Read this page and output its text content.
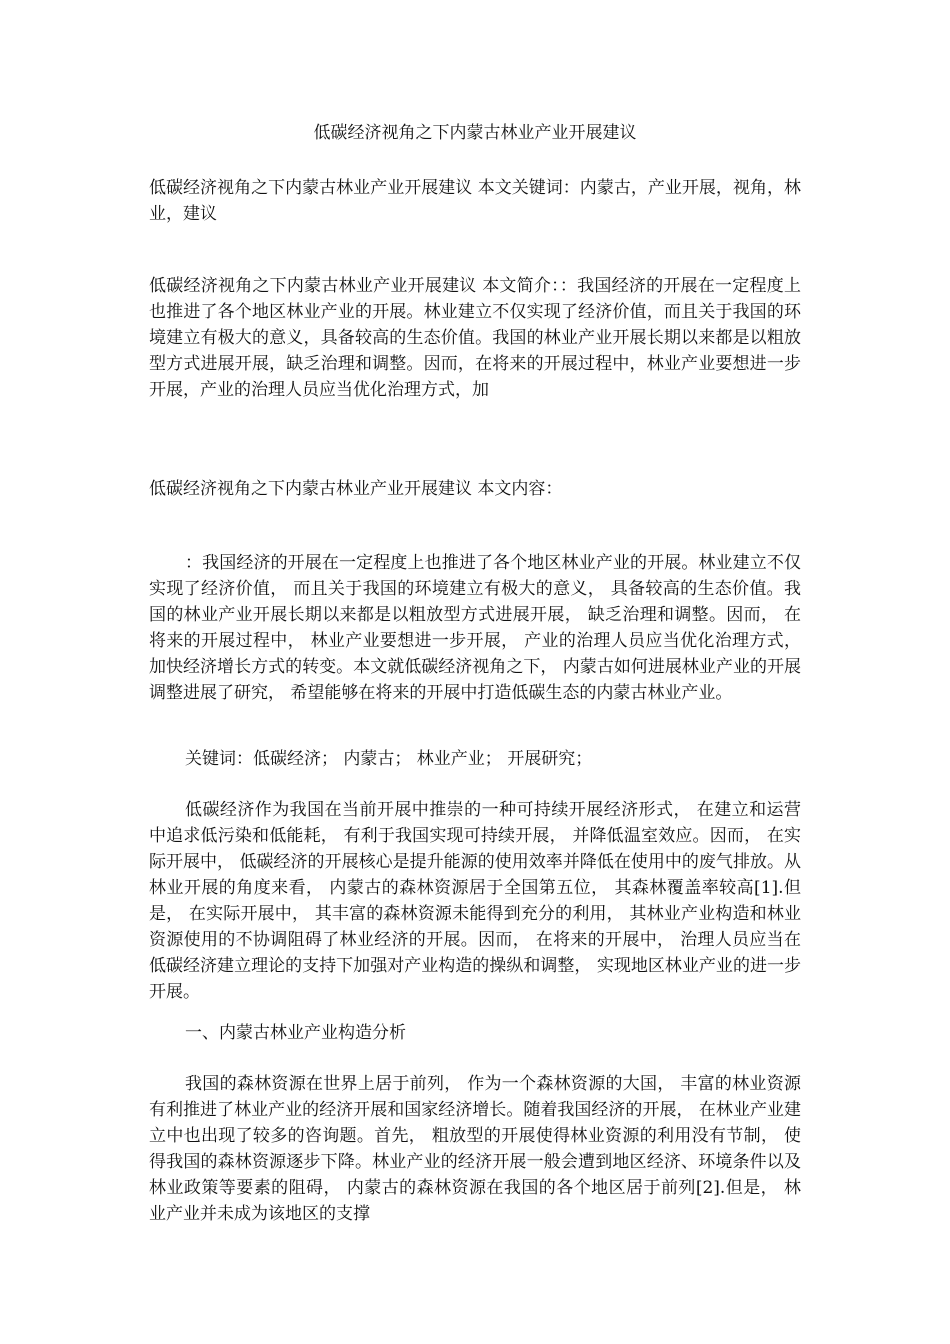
低碳经济视角之下内蒙古林业产业开展建议

低碳经济视角之下内蒙古林业产业开展建议 本文关键词：内蒙古，产业开展，视角，林业，建议

低碳经济视角之下内蒙古林业产业开展建议 本文简介：：我国经济的开展在一定程度上也推进了各个地区林业产业的开展。林业建立不仅实现了经济价值，而且关于我国的环境建立有极大的意义，具备较高的生态价值。我国的林业产业开展长期以来都是以粗放型方式进展开展，缺乏治理和调整。因而，在将来的开展过程中，林业产业要想进一步开展，产业的治理人员应当优化治理方式，加

低碳经济视角之下内蒙古林业产业开展建议 本文内容：

：我国经济的开展在一定程度上也推进了各个地区林业产业的开展。林业建立不仅实现了经济价值， 而且关于我国的环境建立有极大的意义， 具备较高的生态价值。我国的林业产业开展长期以来都是以粗放型方式进展开展， 缺乏治理和调整。因而， 在将来的开展过程中， 林业产业要想进一步开展， 产业的治理人员应当优化治理方式， 加快经济增长方式的转变。本文就低碳经济视角之下， 内蒙古如何进展林业产业的开展调整进展了研究， 希望能够在将来的开展中打造低碳生态的内蒙古林业产业。

关键词：低碳经济； 内蒙古； 林业产业； 开展研究；

低碳经济作为我国在当前开展中推崇的一种可持续开展经济形式， 在建立和运营中追求低污染和低能耗， 有利于我国实现可持续开展， 并降低温室效应。因而， 在实际开展中， 低碳经济的开展核心是提升能源的使用效率并降低在使用中的废气排放。从林业开展的角度来看， 内蒙古的森林资源居于全国第五位， 其森林覆盖率较高[1].但是， 在实际开展中， 其丰富的森林资源未能得到充分的利用， 其林业产业构造和林业资源使用的不协调阻碍了林业经济的开展。因而， 在将来的开展中， 治理人员应当在低碳经济建立理论的支持下加强对产业构造的操纵和调整， 实现地区林业产业的进一步开展。

一、内蒙古林业产业构造分析

我国的森林资源在世界上居于前列， 作为一个森林资源的大国， 丰富的林业资源有利推进了林业产业的经济开展和国家经济增长。随着我国经济的开展， 在林业产业建立中也出现了较多的咨询题。首先， 粗放型的开展使得林业资源的利用没有节制， 使得我国的森林资源逐步下降。林业产业的经济开展一般会遭到地区经济、环境条件以及林业政策等要素的阻碍， 内蒙古的森林资源在我国的各个地区居于前列[2].但是， 林业产业并未成为该地区的支撑
